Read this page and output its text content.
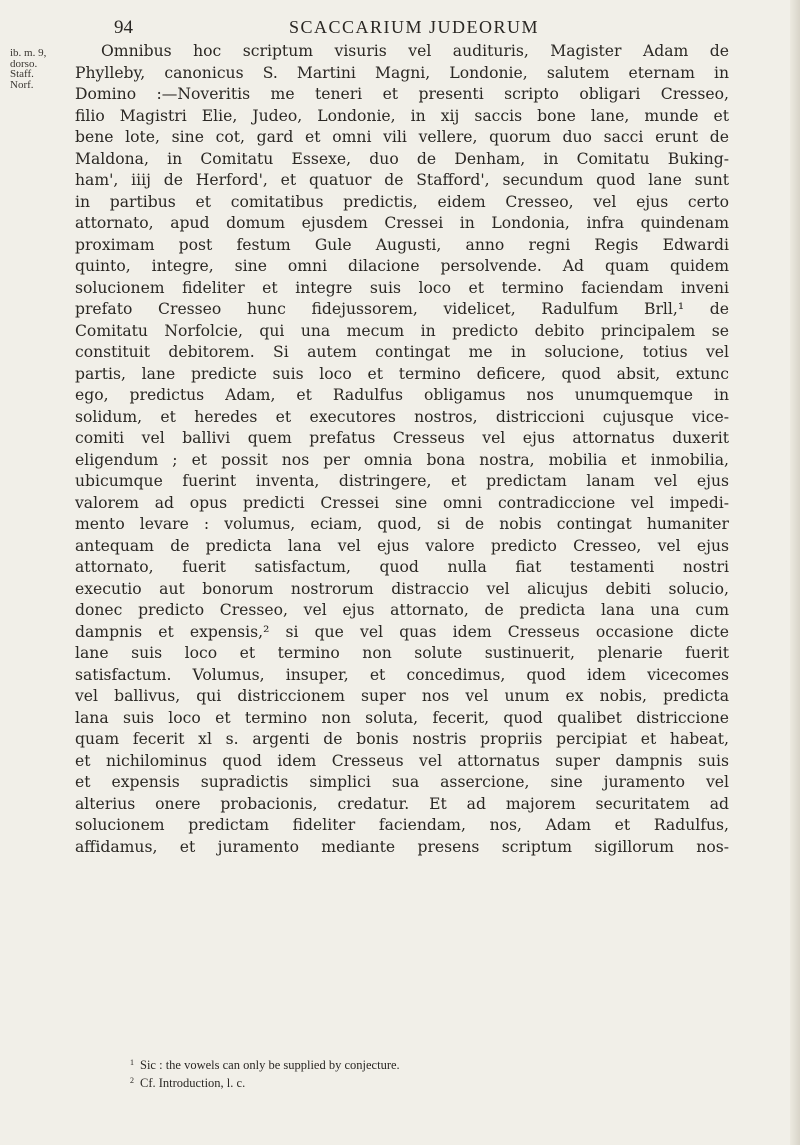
94	SCACCARIUM JUDEORUM
ib. m. 9,
dorso.
Staff.
Norf.
Omnibus hoc scriptum visuris vel audituris, Magister Adam de
Phylleby, canonicus S. Martini Magni, Londonie, salutem eternam in
Domino :—Noveritis me teneri et presenti scripto obligari Cresseo,
filio Magistri Elie, Judeo, Londonie, in xij saccis bone lane, munde et
bene lote, sine cot, gard et omni vili vellere, quorum duo sacci erunt de
Maldona, in Comitatu Essexe, duo de Denham, in Comitatu Buking-
ham', iiij de Herford', et quatuor de Stafford', secundum quod lane sunt
in partibus et comitatibus predictis, eidem Cresseo, vel ejus certo
attornato, apud domum ejusdem Cressei in Londonia, infra quindenam
proximam post festum Gule Augusti, anno regni Regis Edwardi
quinto, integre, sine omni dilacione persolvende. Ad quam quidem
solucionem fideliter et integre suis loco et termino faciendam inveni
prefato Cresseo hunc fidejussorem, videlicet, Radulfum Brll,¹ de
Comitatu Norfolcie, qui una mecum in predicto debito principalem se
constituit debitorem. Si autem contingat me in solucione, totius vel
partis, lane predicte suis loco et termino deficere, quod absit, extunc
ego, predictus Adam, et Radulfus obligamus nos unumquemque in
solidum, et heredes et executores nostros, districcioni cujusque vice-
comiti vel ballivi quem prefatus Cresseus vel ejus attornatus duxerit
eligendum ; et possit nos per omnia bona nostra, mobilia et inmobilia,
ubicumque fuerint inventa, distringere, et predictam lanam vel ejus
valorem ad opus predicti Cressei sine omni contradiccione vel impedi-
mento levare : volumus, eciam, quod, si de nobis contingat humaniter
antequam de predicta lana vel ejus valore predicto Cresseo, vel ejus
attornato, fuerit satisfactum, quod nulla fiat testamenti nostri
executio aut bonorum nostrorum distraccio vel alicujus debiti solucio,
donec predicto Cresseo, vel ejus attornato, de predicta lana una cum
dampnis et expensis,² si que vel quas idem Cresseus occasione dicte
lane suis loco et termino non solute sustinuerit, plenarie fuerit
satisfactum. Volumus, insuper, et concedimus, quod idem vicecomes
vel ballivus, qui districcionem super nos vel unum ex nobis, predicta
lana suis loco et termino non soluta, fecerit, quod qualibet districcione
quam fecerit xl s. argenti de bonis nostris propriis percipiat et habeat,
et nichilominus quod idem Cresseus vel attornatus super dampnis suis
et expensis supradictis simplici sua assercione, sine juramento vel
alterius onere probacionis, credatur. Et ad majorem securitatem ad
solucionem predictam fideliter faciendam, nos, Adam et Radulfus,
affidamus, et juramento mediante presens scriptum sigillorum nos-
$^1$ Sic : the vowels can only be supplied by conjecture.
$^2$ Cf. Introduction, l. c.
